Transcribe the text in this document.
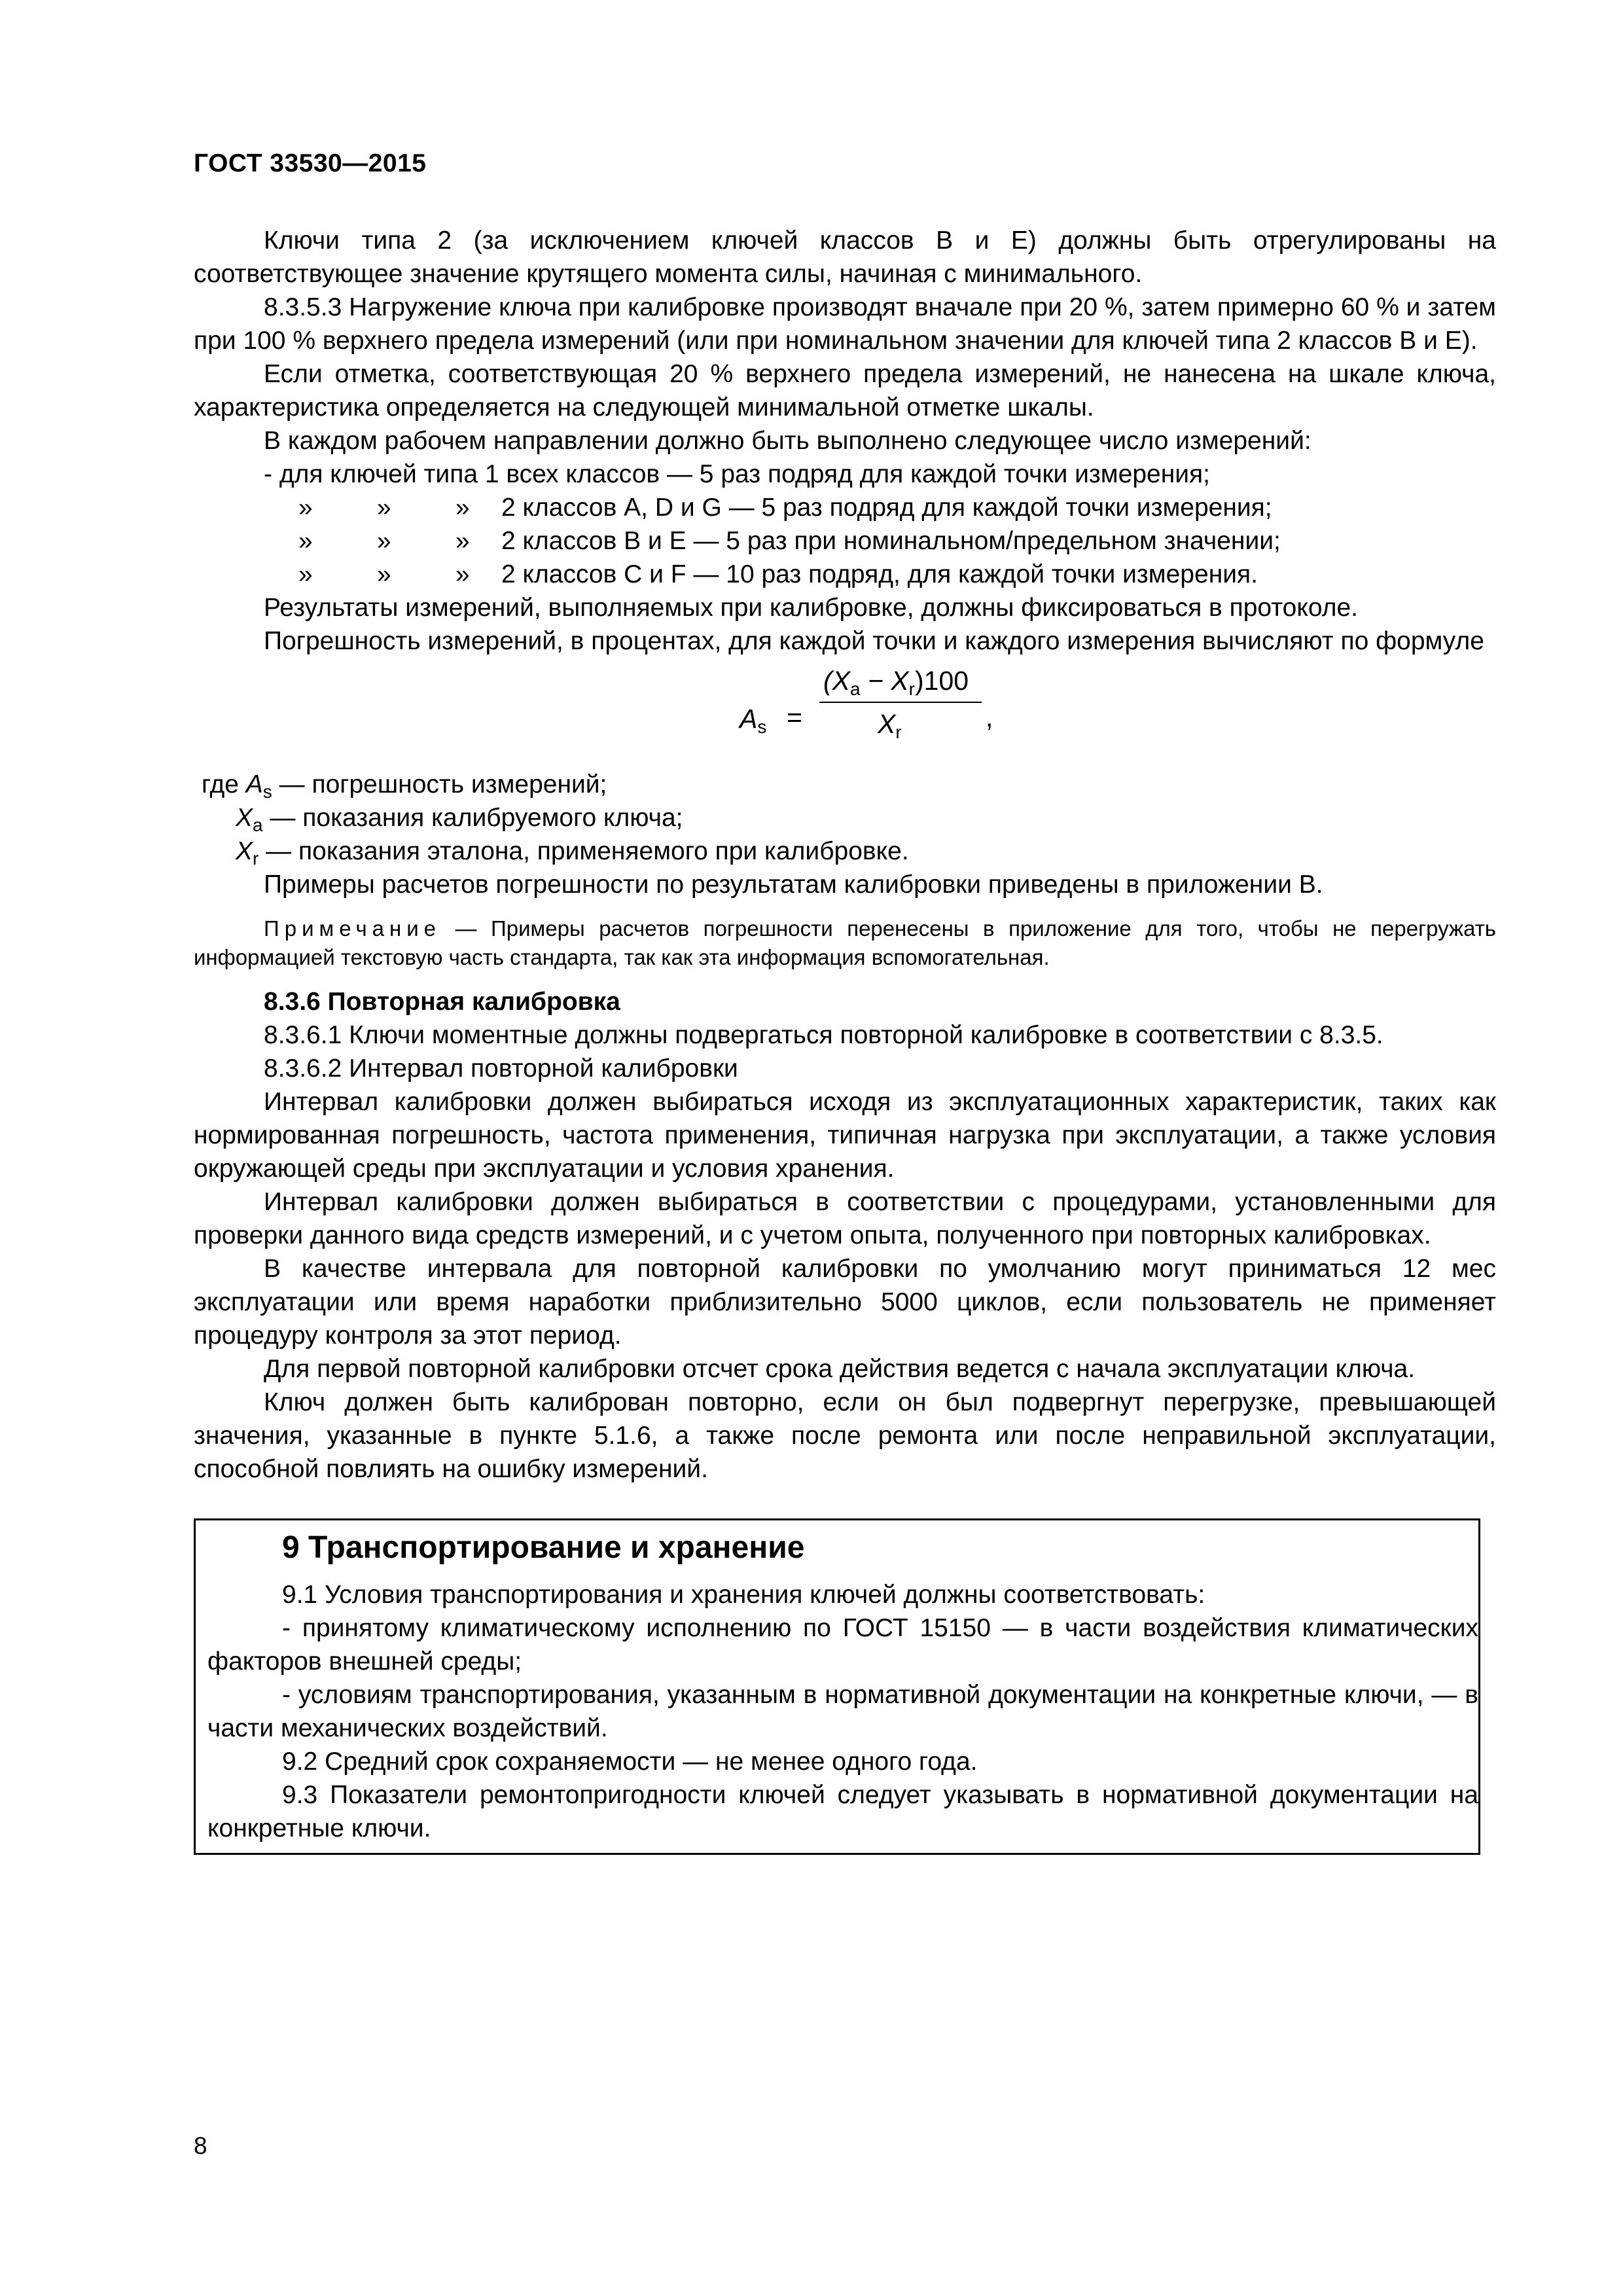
ГОСТ 33530—2015

Ключи типа 2 (за исключением ключей классов B и E) должны быть отрегулированы на соответствующее значение крутящего момента силы, начиная с минимального.

8.3.5.3 Нагружение ключа при калибровке производят вначале при 20 %, затем примерно 60 % и затем при 100 % верхнего предела измерений (или при номинальном значении для ключей типа 2 классов B и E).

Если отметка, соответствующая 20 % верхнего предела измерений, не нанесена на шкале ключа, характеристика определяется на следующей минимальной отметке шкалы.

В каждом рабочем направлении должно быть выполнено следующее число измерений:

- для ключей типа 1 всех классов — 5 раз подряд для каждой точки измерения;

»	»	»	2 классов A, D и G — 5 раз подряд для каждой точки измерения;

»	»	»	2 классов B и E — 5 раз при номинальном/предельном значении;

»	»	»	2 классов C и F — 10 раз подряд, для каждой точки измерения.

Результаты измерений, выполняемых при калибровке, должны фиксироваться в протоколе.

Погрешность измерений, в процентах, для каждой точки и каждого измерения вычисляют по формуле

$A_s$ =
$(X_a - X_r)100$
$X_r$	,

где $A_s$ — погрешность измерений;

$X_a$ — показания калибруемого ключа;

$X_r$ — показания эталона, применяемого при калибровке.

Примеры расчетов погрешности по результатам калибровки приведены в приложении В.

Примечание — Примеры расчетов погрешности перенесены в приложение для того, чтобы не перегружать информацией текстовую часть стандарта, так как эта информация вспомогательная.

8.3.6 Повторная калибровка

8.3.6.1 Ключи моментные должны подвергаться повторной калибровке в соответствии с 8.3.5.

8.3.6.2 Интервал повторной калибровки

Интервал калибровки должен выбираться исходя из эксплуатационных характеристик, таких как нормированная погрешность, частота применения, типичная нагрузка при эксплуатации, а также условия окружающей среды при эксплуатации и условия хранения.

Интервал калибровки должен выбираться в соответствии с процедурами, установленными для проверки данного вида средств измерений, и с учетом опыта, полученного при повторных калибровках.

В качестве интервала для повторной калибровки по умолчанию могут приниматься 12 мес эксплуатации или время наработки приблизительно 5000 циклов, если пользователь не применяет процедуру контроля за этот период.

Для первой повторной калибровки отсчет срока действия ведется с начала эксплуатации ключа.

Ключ должен быть калиброван повторно, если он был подвергнут перегрузке, превышающей значения, указанные в пункте 5.1.6, а также после ремонта или после неправильной эксплуатации, способной повлиять на ошибку измерений.

9 Транспортирование и хранение

9.1 Условия транспортирования и хранения ключей должны соответствовать:

- принятому климатическому исполнению по ГОСТ 15150 — в части воздействия климатических факторов внешней среды;

- условиям транспортирования, указанным в нормативной документации на конкретные ключи, — в части механических воздействий.

9.2 Средний срок сохраняемости — не менее одного года.

9.3 Показатели ремонтопригодности ключей следует указывать в нормативной документации на конкретные ключи.

8
